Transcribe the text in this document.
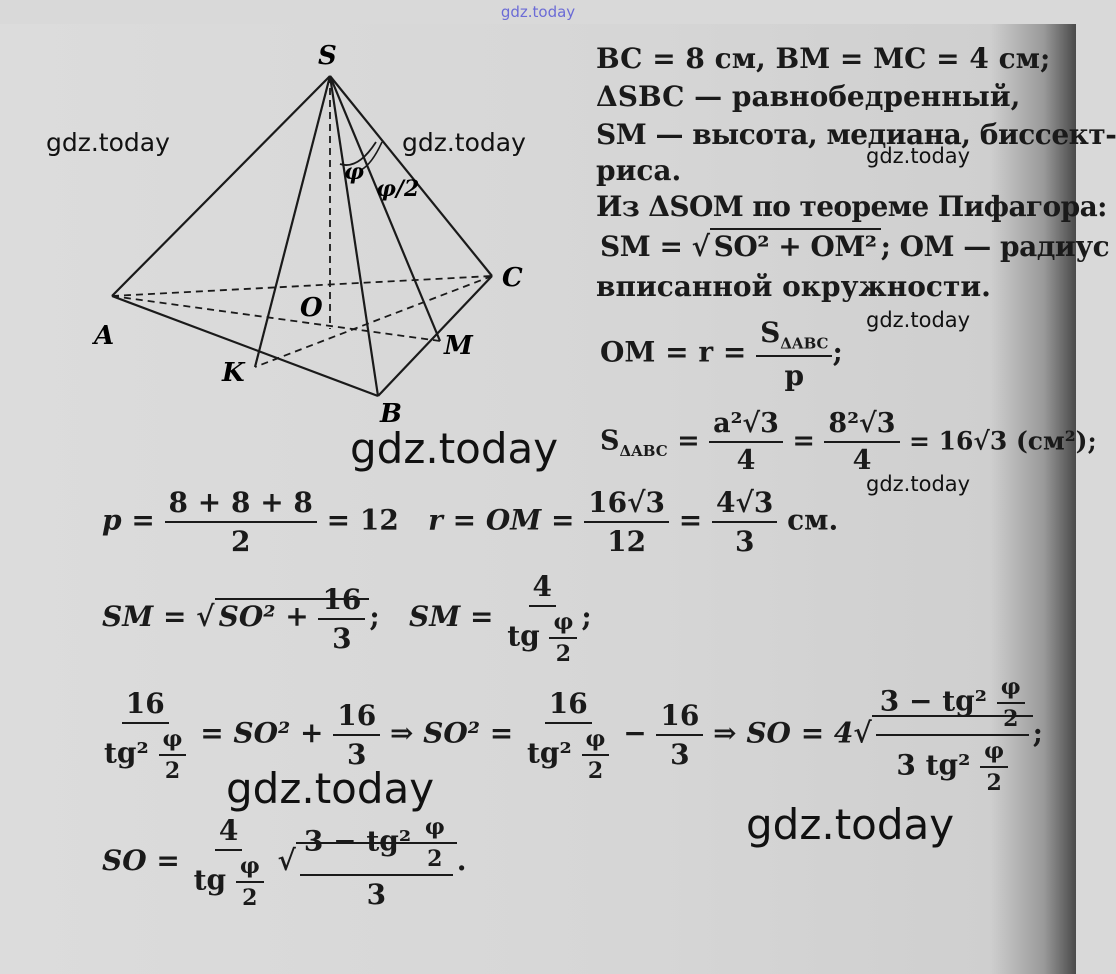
gdz.today
S
A
B
C
K
M
O
φ
φ/2
BC = 8 см, BM = MC = 4 см;
ΔSBC — равнобедренный,
SM — высота, медиана, биссект-
риса.
Из ΔSOM по теореме Пифагора:
SM = √ SO² + OM² ; OM — радиус
вписанной окружности.
OM = $r = \frac{S_{\Delta ABC}}{p}$ ;
$S_{\Delta ABC} = \frac{\text{a²√3}}{4} = \frac{\text{8²√3}}{4} = 16√3$ (см²);
$p = \frac{8 + 8 + 8}{2} = 12$ r = OM = $\frac{16√3}{12} = \frac{4√3}{3}$ см.
SM = √ $SO^2 + \frac{16}{3}$ ; SM = $\frac{4}{tg \frac{\varphi}{2}}$ ;
$\frac{16}{tg^2 \frac{\varphi}{2}} = SO^2 + \frac{16}{3}$ ⇒ $SO^2 = \frac{16}{tg^2 \frac{\varphi}{2}} - \frac{16}{3}$ ⇒ SO = $4√ \frac{3 - tg^2 \frac{\varphi}{2}}{3 tg^2 \frac{\varphi}{2}}$ ;
SO = $\frac{4}{tg \frac{\varphi}{2}}$ √ $\frac{3 - tg^2 \frac{\varphi}{2}}{3}$ .
gdz.today	gdz.today	gdz.today
gdz.today
gdz.today
gdz.today
gdz.today
gdz.today
